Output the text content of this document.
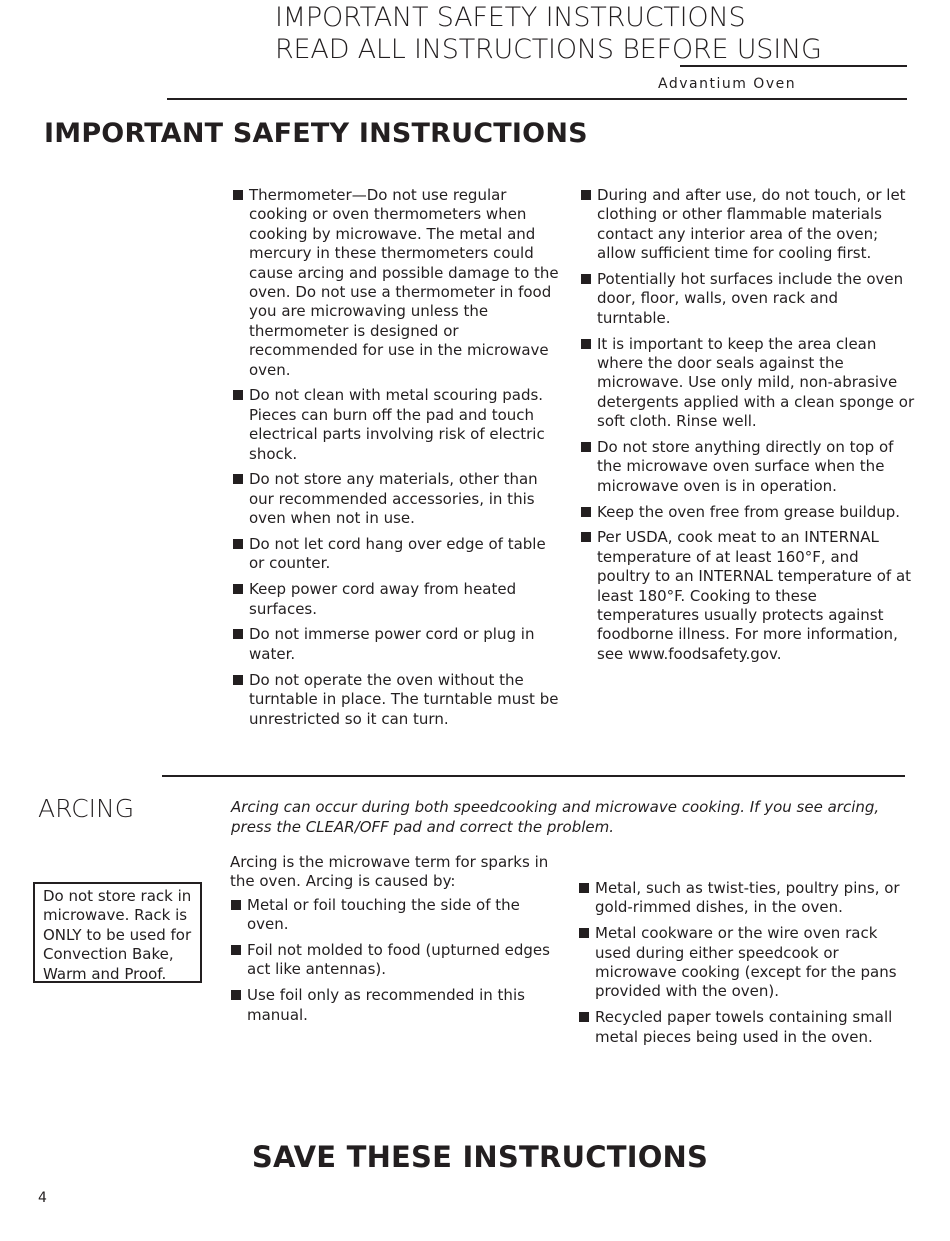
IMPORTANT SAFETY INSTRUCTIONS
READ ALL INSTRUCTIONS BEFORE USING
Advantium Oven
IMPORTANT SAFETY INSTRUCTIONS
Thermometer—Do not use regular cooking or oven thermometers when cooking by microwave. The metal and mercury in these thermometers could cause arcing and possible damage to the oven. Do not use a thermometer in food you are microwaving unless the thermometer is designed or recommended for use in the microwave oven.
Do not clean with metal scouring pads. Pieces can burn off the pad and touch electrical parts involving risk of electric shock.
Do not store any materials, other than our recommended accessories, in this oven when not in use.
Do not let cord hang over edge of table or counter.
Keep power cord away from heated surfaces.
Do not immerse power cord or plug in water.
Do not operate the oven without the turntable in place. The turntable must be unrestricted so it can turn.
During and after use, do not touch, or let clothing or other flammable materials contact any interior area of the oven; allow sufficient time for cooling first.
Potentially hot surfaces include the oven door, floor, walls, oven rack and turntable.
It is important to keep the area clean where the door seals against the microwave. Use only mild, non-abrasive detergents applied with a clean sponge or soft cloth. Rinse well.
Do not store anything directly on top of the microwave oven surface when the microwave oven is in operation.
Keep the oven free from grease buildup.
Per USDA, cook meat to an INTERNAL temperature of at least 160°F, and poultry to an INTERNAL temperature of at least 180°F. Cooking to these temperatures usually protects against foodborne illness. For more information, see www.foodsafety.gov.
ARCING	Arcing can occur during both speedcooking and microwave cooking. If you see arcing, press the CLEAR/OFF pad and correct the problem.
Do not store rack in microwave. Rack is ONLY to be used for Convection Bake, Warm and Proof.

Arcing is the microwave term for sparks in the oven. Arcing is caused by:

Metal or foil touching the side of the oven.
Foil not molded to food (upturned edges act like antennas).
Use foil only as recommended in this manual.
Metal, such as twist-ties, poultry pins, or gold-rimmed dishes, in the oven.
Metal cookware or the wire oven rack used during either speedcook or microwave cooking (except for the pans provided with the oven).
Recycled paper towels containing small metal pieces being used in the oven.
SAVE THESE INSTRUCTIONS
4
